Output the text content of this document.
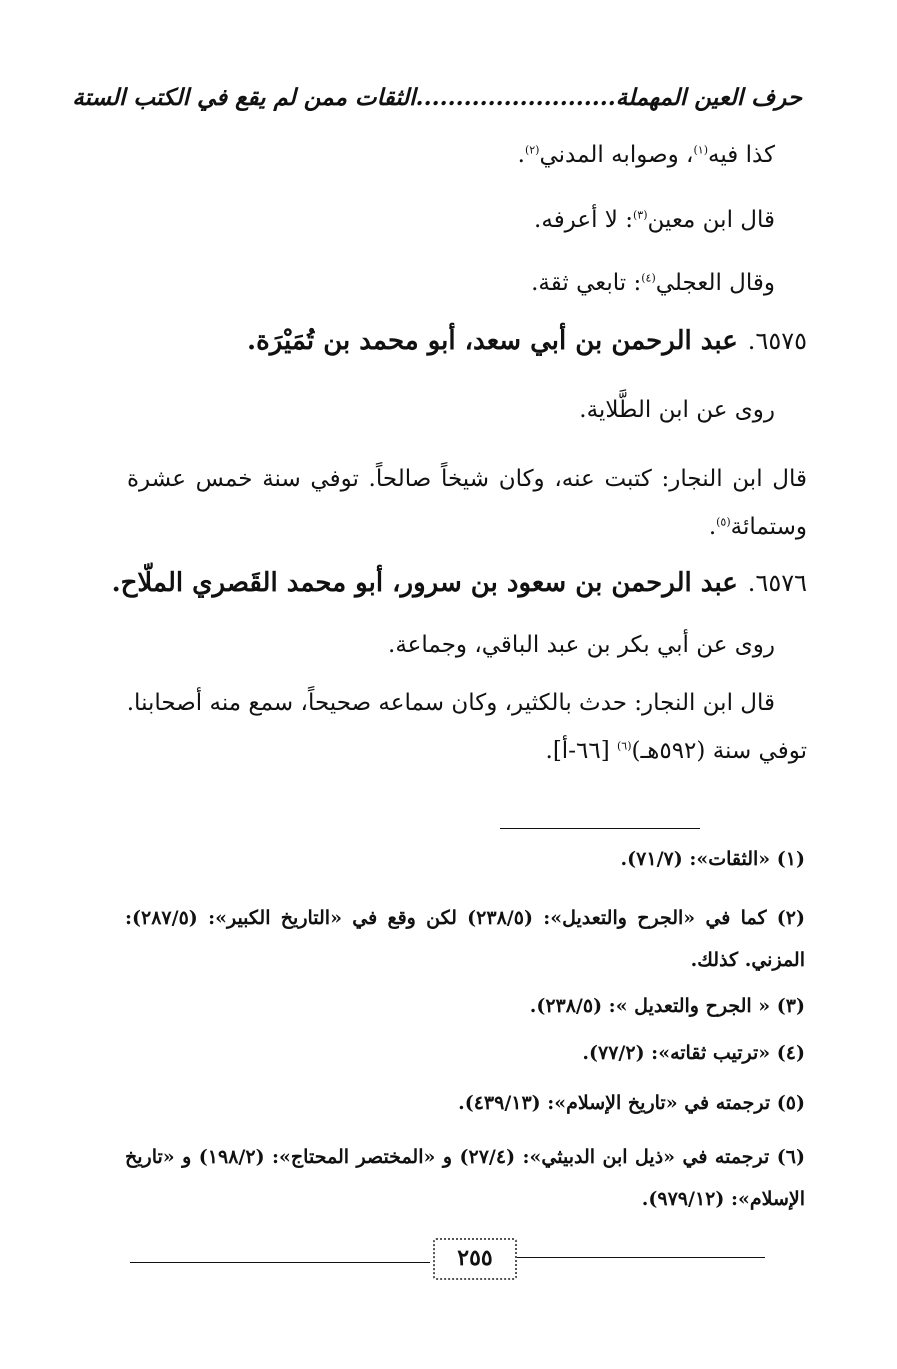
حرف العين المهملة.........................الثقات ممن لم يقع في الكتب الستة
كذا فيه$^{(١)}$، وصوابه المدني$^{(٢)}$.
قال ابن معين$^{(٣)}$: لا أعرفه.
وقال العجلي$^{(٤)}$: تابعي ثقة.
٦٥٧٥.عبد الرحمن بن أبي سعد، أبو محمد بن تُمَيْرَة.
روى عن ابن الطَّلاية.
قال ابن النجار: كتبت عنه، وكان شيخاً صالحاً. توفي سنة خمس عشرة وستمائة$^{(٥)}$.
٦٥٧٦.عبد الرحمن بن سعود بن سرور، أبو محمد القَصري الملّاح.
روى عن أبي بكر بن عبد الباقي، وجماعة.
قال ابن النجار: حدث بالكثير، وكان سماعه صحيحاً، سمع منه أصحابنا.
توفي سنة (٥٩٢هـ)$^{(٦)}$ [٦٦-أ].
(١) «الثقات»: (٧١/٧).
(٢) كما في «الجرح والتعديل»: (٢٣٨/٥) لكن وقع في «التاريخ الكبير»: (٢٨٧/٥): المزني. كذلك.
(٣) « الجرح والتعديل »: (٢٣٨/٥).
(٤) «ترتيب ثقاته»: (٧٧/٢).
(٥) ترجمته في «تاريخ الإسلام»: (٤٣٩/١٣).
(٦) ترجمته في «ذيل ابن الدبيثي»: (٢٧/٤) و «المختصر المحتاج»: (١٩٨/٢) و «تاريخ الإسلام»: (٩٧٩/١٢).
٢٥٥
